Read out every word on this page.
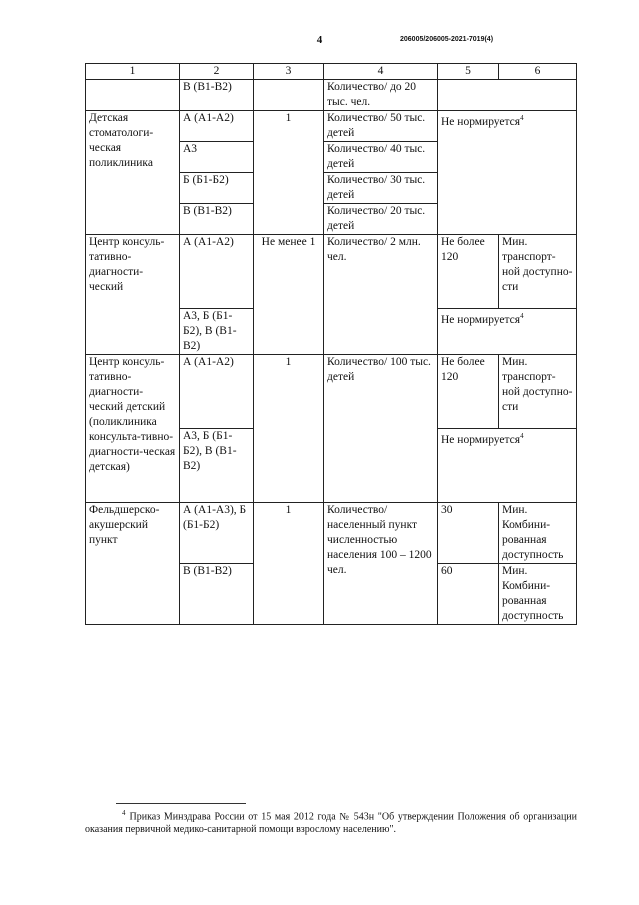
4	206005/206005-2021-7019(4)
1	2	3	4	5	6
	В (В1-В2)		Количество/ до 20 тыс. чел.		
Детская стоматологи-ческая поликлиника	А (А1-А2)	1	Количество/ 50 тыс. детей	Не нормируется$^4$
	А3		Количество/ 40 тыс. детей		
	Б (Б1-Б2)		Количество/ 30 тыс. детей		
	В (В1-В2)		Количество/ 20 тыс. детей		
Центр консуль-тативно-диагности-ческий	А (А1-А2)	Не менее 1	Количество/ 2 млн. чел.	Не более 120	Мин. транспорт-ной доступно-сти
	А3, Б (Б1-Б2), В (В1-В2)			Не нормируется$^4$
Центр консуль-тативно-диагности-ческий детский (поликлиника консульта-тивно-диагности-ческая детская)	А (А1-А2)	1	Количество/ 100 тыс. детей	Не более 120	Мин. транспорт-ной доступно-сти
	А3, Б (Б1-Б2), В (В1-В2)			Не нормируется$^4$
Фельдшерско-акушерский пункт	А (А1-А3), Б (Б1-Б2)	1	Количество/ населенный пункт численностью населения 100 – 1200 чел.	30	Мин. Комбини-рованная доступность
	В (В1-В2)			60	Мин. Комбини-рованная доступность
$^4$ Приказ Минздрава России от 15 мая 2012 года № 543н "Об утверждении Положения об организации оказания первичной медико-санитарной помощи взрослому населению".
